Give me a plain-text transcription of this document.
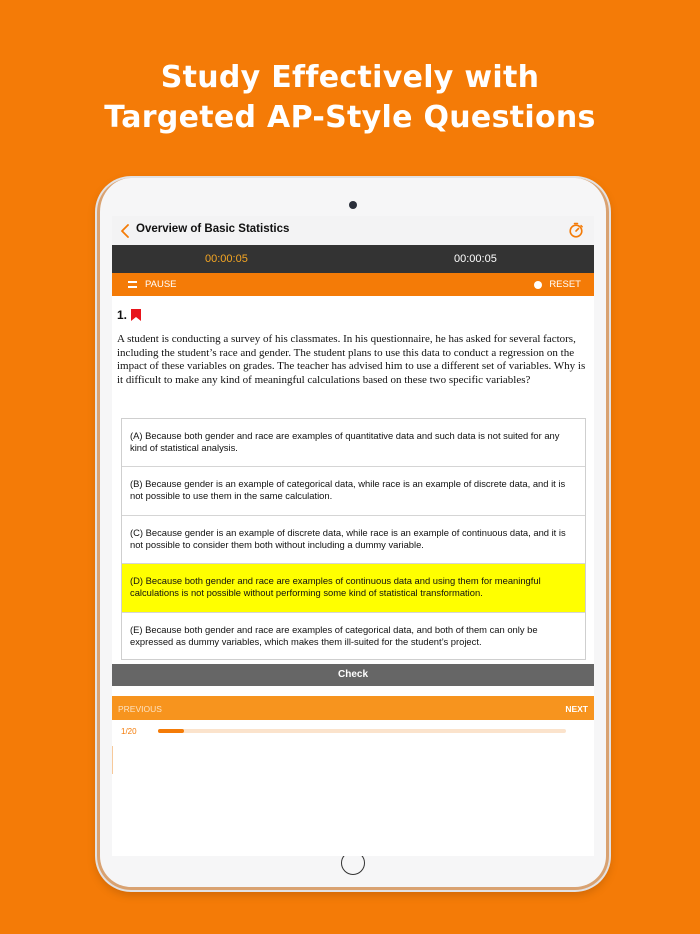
Study Effectively with
Targeted AP-Style Questions
Overview of Basic Statistics
00:00:05	00:00:05
PAUSE	RESET
1.
A student is conducting a survey of his classmates. In his questionnaire, he has asked for several factors, including the student’s race and gender. The student plans to use this data to conduct a regression on the impact of these variables on grades. The teacher has advised him to use a different set of variables. Why is it difficult to make any kind of meaningful calculations based on these two specific variables?
(A) Because both gender and race are examples of quantitative data and such data is not suited for any kind of statistical analysis.
(B) Because gender is an example of categorical data, while race is an example of discrete data, and it is not possible to use them in the same calculation.
(C) Because gender is an example of discrete data, while race is an example of continuous data, and it is not possible to consider them both without including a dummy variable.
(D) Because both gender and race are examples of continuous data and using them for meaningful calculations is not possible without performing some kind of statistical transformation.
(E) Because both gender and race are examples of categorical data, and both of them can only be expressed as dummy variables, which makes them ill-suited for the student’s project.
Check
PREVIOUS	NEXT
1/20
